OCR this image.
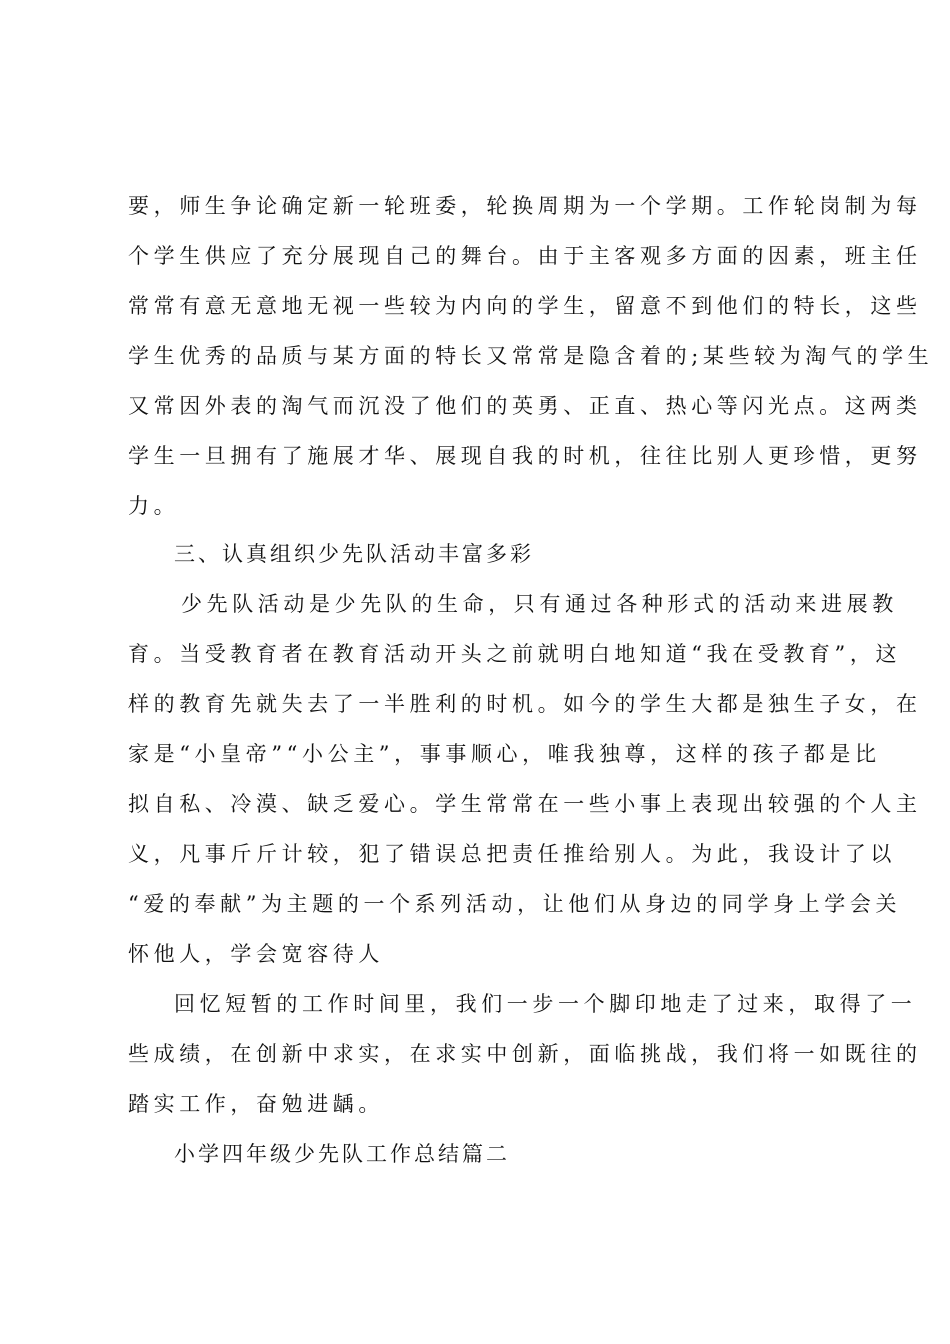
要，师生争论确定新一轮班委，轮换周期为一个学期。工作轮岗制为每
个学生供应了充分展现自己的舞台。由于主客观多方面的因素，班主任
常常有意无意地无视一些较为内向的学生，留意不到他们的特长，这些
学生优秀的品质与某方面的特长又常常是隐含着的;某些较为淘气的学生
又常因外表的淘气而沉没了他们的英勇、正直、热心等闪光点。这两类
学生一旦拥有了施展才华、展现自我的时机，往往比别人更珍惜，更努
力。
三、认真组织少先队活动丰富多彩
少先队活动是少先队的生命，只有通过各种形式的活动来进展教
育。当受教育者在教育活动开头之前就明白地知道“我在受教育”，这
样的教育先就失去了一半胜利的时机。如今的学生大都是独生子女，在
家是“小皇帝”“小公主”，事事顺心，唯我独尊，这样的孩子都是比
拟自私、冷漠、缺乏爱心。学生常常在一些小事上表现出较强的个人主
义，凡事斤斤计较，犯了错误总把责任推给别人。为此，我设计了以
“爱的奉献”为主题的一个系列活动，让他们从身边的同学身上学会关
怀他人，学会宽容待人
回忆短暂的工作时间里，我们一步一个脚印地走了过来，取得了一
些成绩，在创新中求实，在求实中创新，面临挑战，我们将一如既往的
踏实工作，奋勉进龋。
小学四年级少先队工作总结篇二
